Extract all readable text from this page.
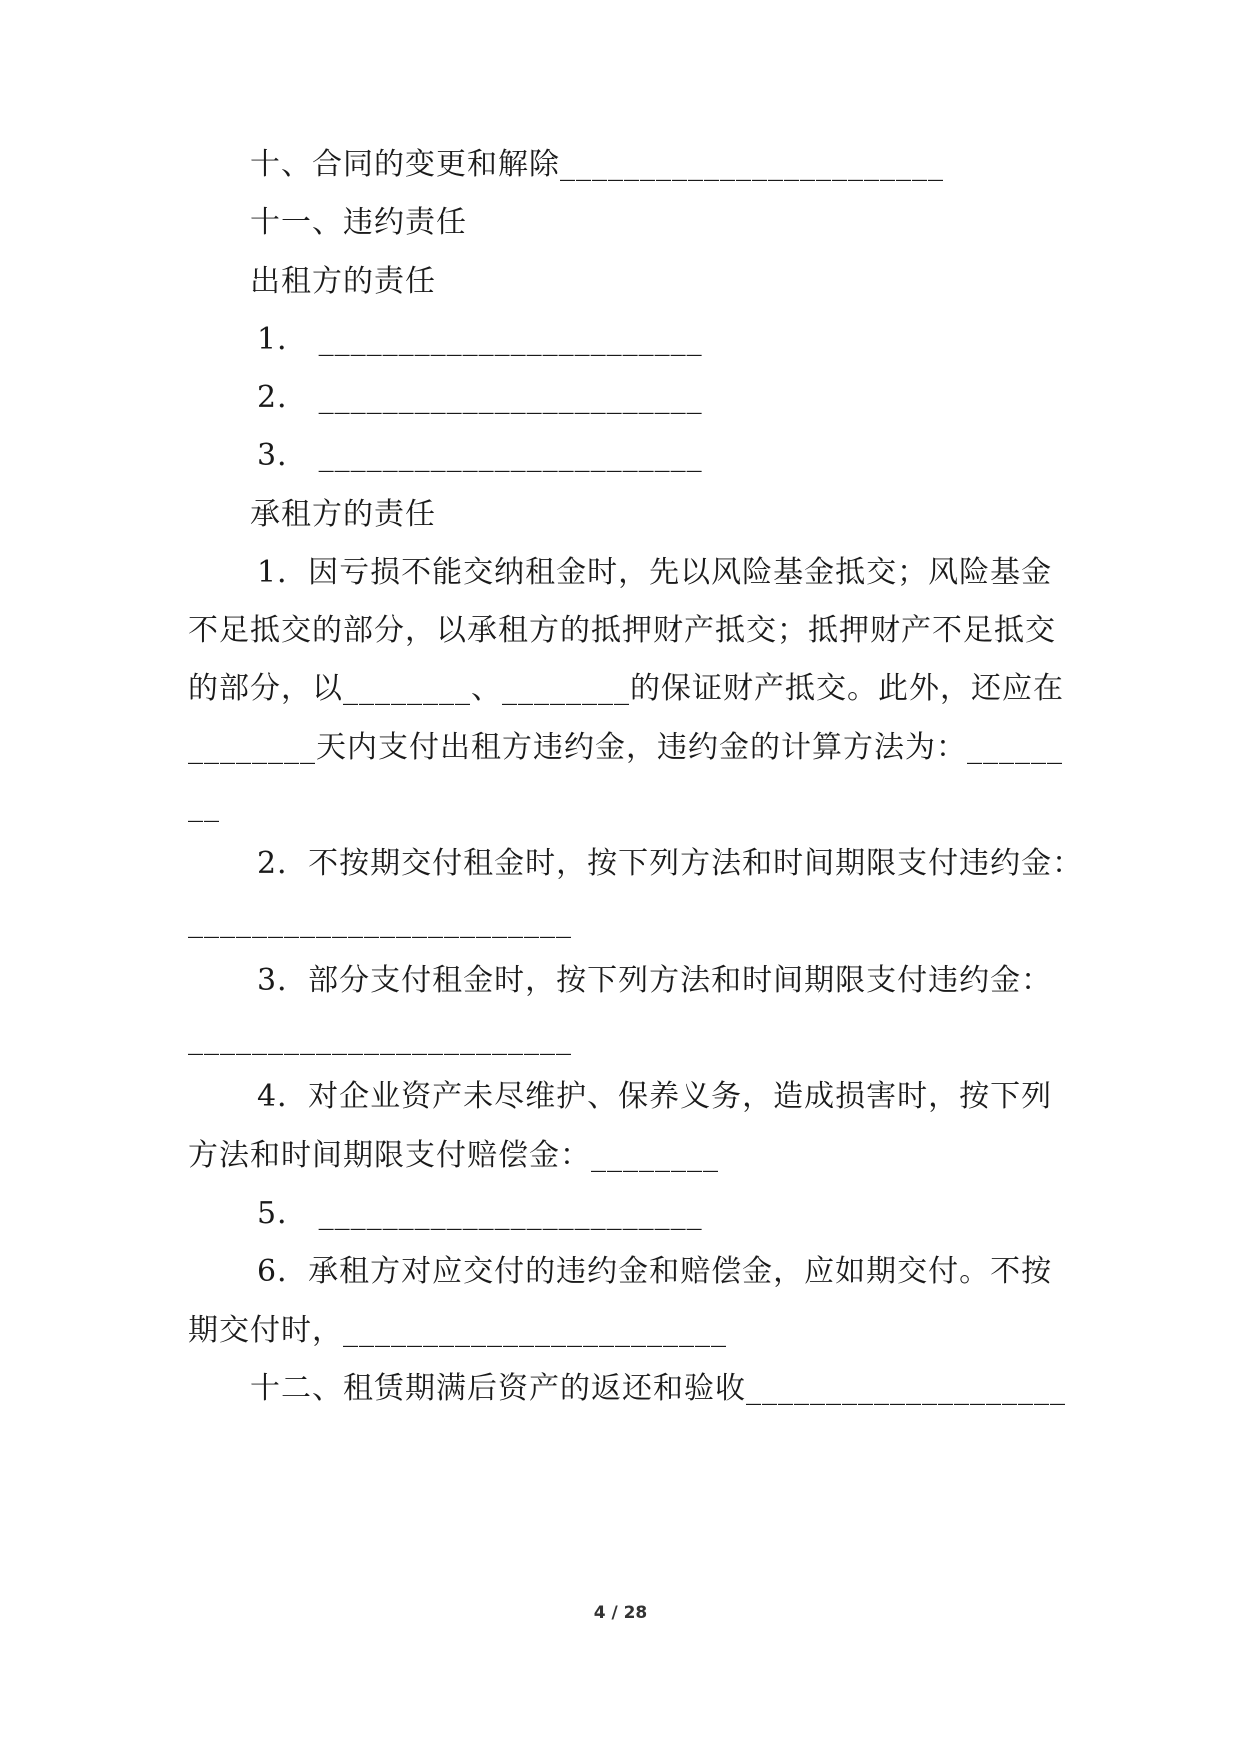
十、合同的变更和解除________________________
十一、违约责任
出租方的责任
1． ________________________
2． ________________________
3． ________________________
承租方的责任
1．因亏损不能交纳租金时，先以风险基金抵交；风险基金
不足抵交的部分，以承租方的抵押财产抵交；抵押财产不足抵交
的部分，以________、________的保证财产抵交。此外，还应在
________天内支付出租方违约金，违约金的计算方法为：______
__
2．不按期交付租金时，按下列方法和时间期限支付违约金：
________________________
3．部分支付租金时，按下列方法和时间期限支付违约金：
________________________
4．对企业资产未尽维护、保养义务，造成损害时，按下列
方法和时间期限支付赔偿金：________
5． ________________________
6．承租方对应交付的违约金和赔偿金，应如期交付。不按
期交付时，________________________
十二、租赁期满后资产的返还和验收____________________
4 / 28
